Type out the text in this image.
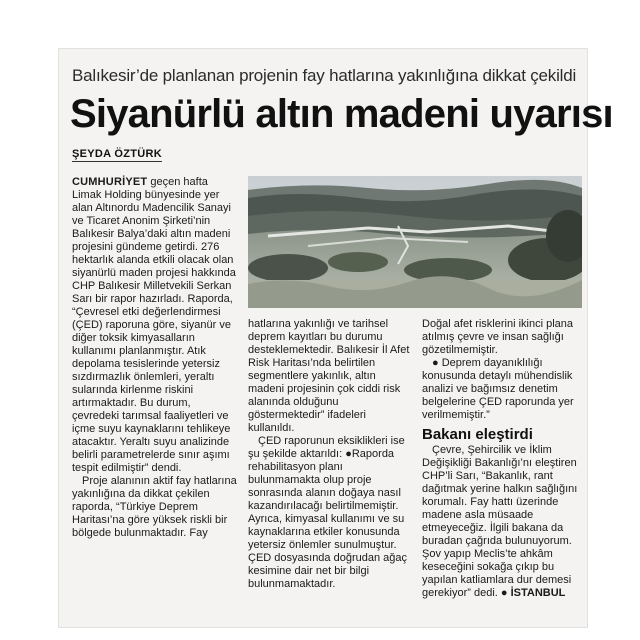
Balıkesir’de planlanan projenin fay hatlarına yakınlığına dikkat çekildi
Siyanürlü altın madeni uyarısı
ŞEYDA ÖZTÜRK

CUMHURİYET geçen hafta Limak Holding bünyesinde yer alan Altınordu Madencilik Sanayi ve Ticaret Anonim Şirketi’nin Balıkesir Balya’daki altın madeni projesini gündeme getirdi. 276 hektarlık alanda etkili olacak olan siyanürlü maden projesi hakkında CHP Balıkesir Milletvekili Serkan Sarı bir rapor hazırladı. Raporda, “Çevresel etki değerlendirmesi (ÇED) raporuna göre, siyanür ve diğer toksik kimyasalların kullanımı planlanmıştır. Atık depolama tesislerinde yetersiz sızdırmazlık önlemleri, yeraltı sularında kirlenme riskini artırmaktadır. Bu durum, çevredeki tarımsal faaliyetleri ve içme suyu kaynaklarını tehlikeye atacaktır. Yeraltı suyu analizinde belirli parametrelerde sınır aşımı tespit edilmiştir” dendi.

Proje alanının aktif fay hatlarına yakınlığına da dikkat çekilen raporda, “Türkiye Deprem Haritası’na göre yüksek riskli bir bölgede bulunmaktadır. Fay

hatlarına yakınlığı ve tarihsel deprem kayıtları bu durumu desteklemektedir. Balıkesir İl Afet Risk Haritası’nda belirtilen segmentlere yakınlık, altın madeni projesinin çok ciddi risk alanında olduğunu göstermektedir” ifadeleri kullanıldı.

ÇED raporunun eksiklikleri ise şu şekilde aktarıldı: ●Raporda rehabilitasyon planı bulunmamakta olup proje sonrasında alanın doğaya nasıl kazandırılacağı belirtilmemiştir. Ayrıca, kimyasal kullanımı ve su kaynaklarına etkiler konusunda yetersiz önlemler sunulmuştur. ÇED dosyasında doğrudan ağaç kesimine dair net bir bilgi bulunmamaktadır.

Doğal afet risklerini ikinci plana atılmış çevre ve insan sağlığı gözetilmemiştir.

● Deprem dayanıklılığı konusunda detaylı mühendislik analizi ve bağımsız denetim belgelerine ÇED raporunda yer verilmemiştir.”

Bakanı eleştirdi

Çevre, Şehircilik ve İklim Değişikliği Bakanlığı’nı eleştiren CHP’li Sarı, “Bakanlık, rant dağıtmak yerine halkın sağlığını korumalı. Fay hattı üzerinde madene asla müsaade etmeyeceğiz. İlgili bakana da buradan çağrıda bulunuyorum. Şov yapıp Meclis’te ahkâm keseceğini sokağa çıkıp bu yapılan katliamlara dur demesi gerekiyor” dedi. ● İSTANBUL
